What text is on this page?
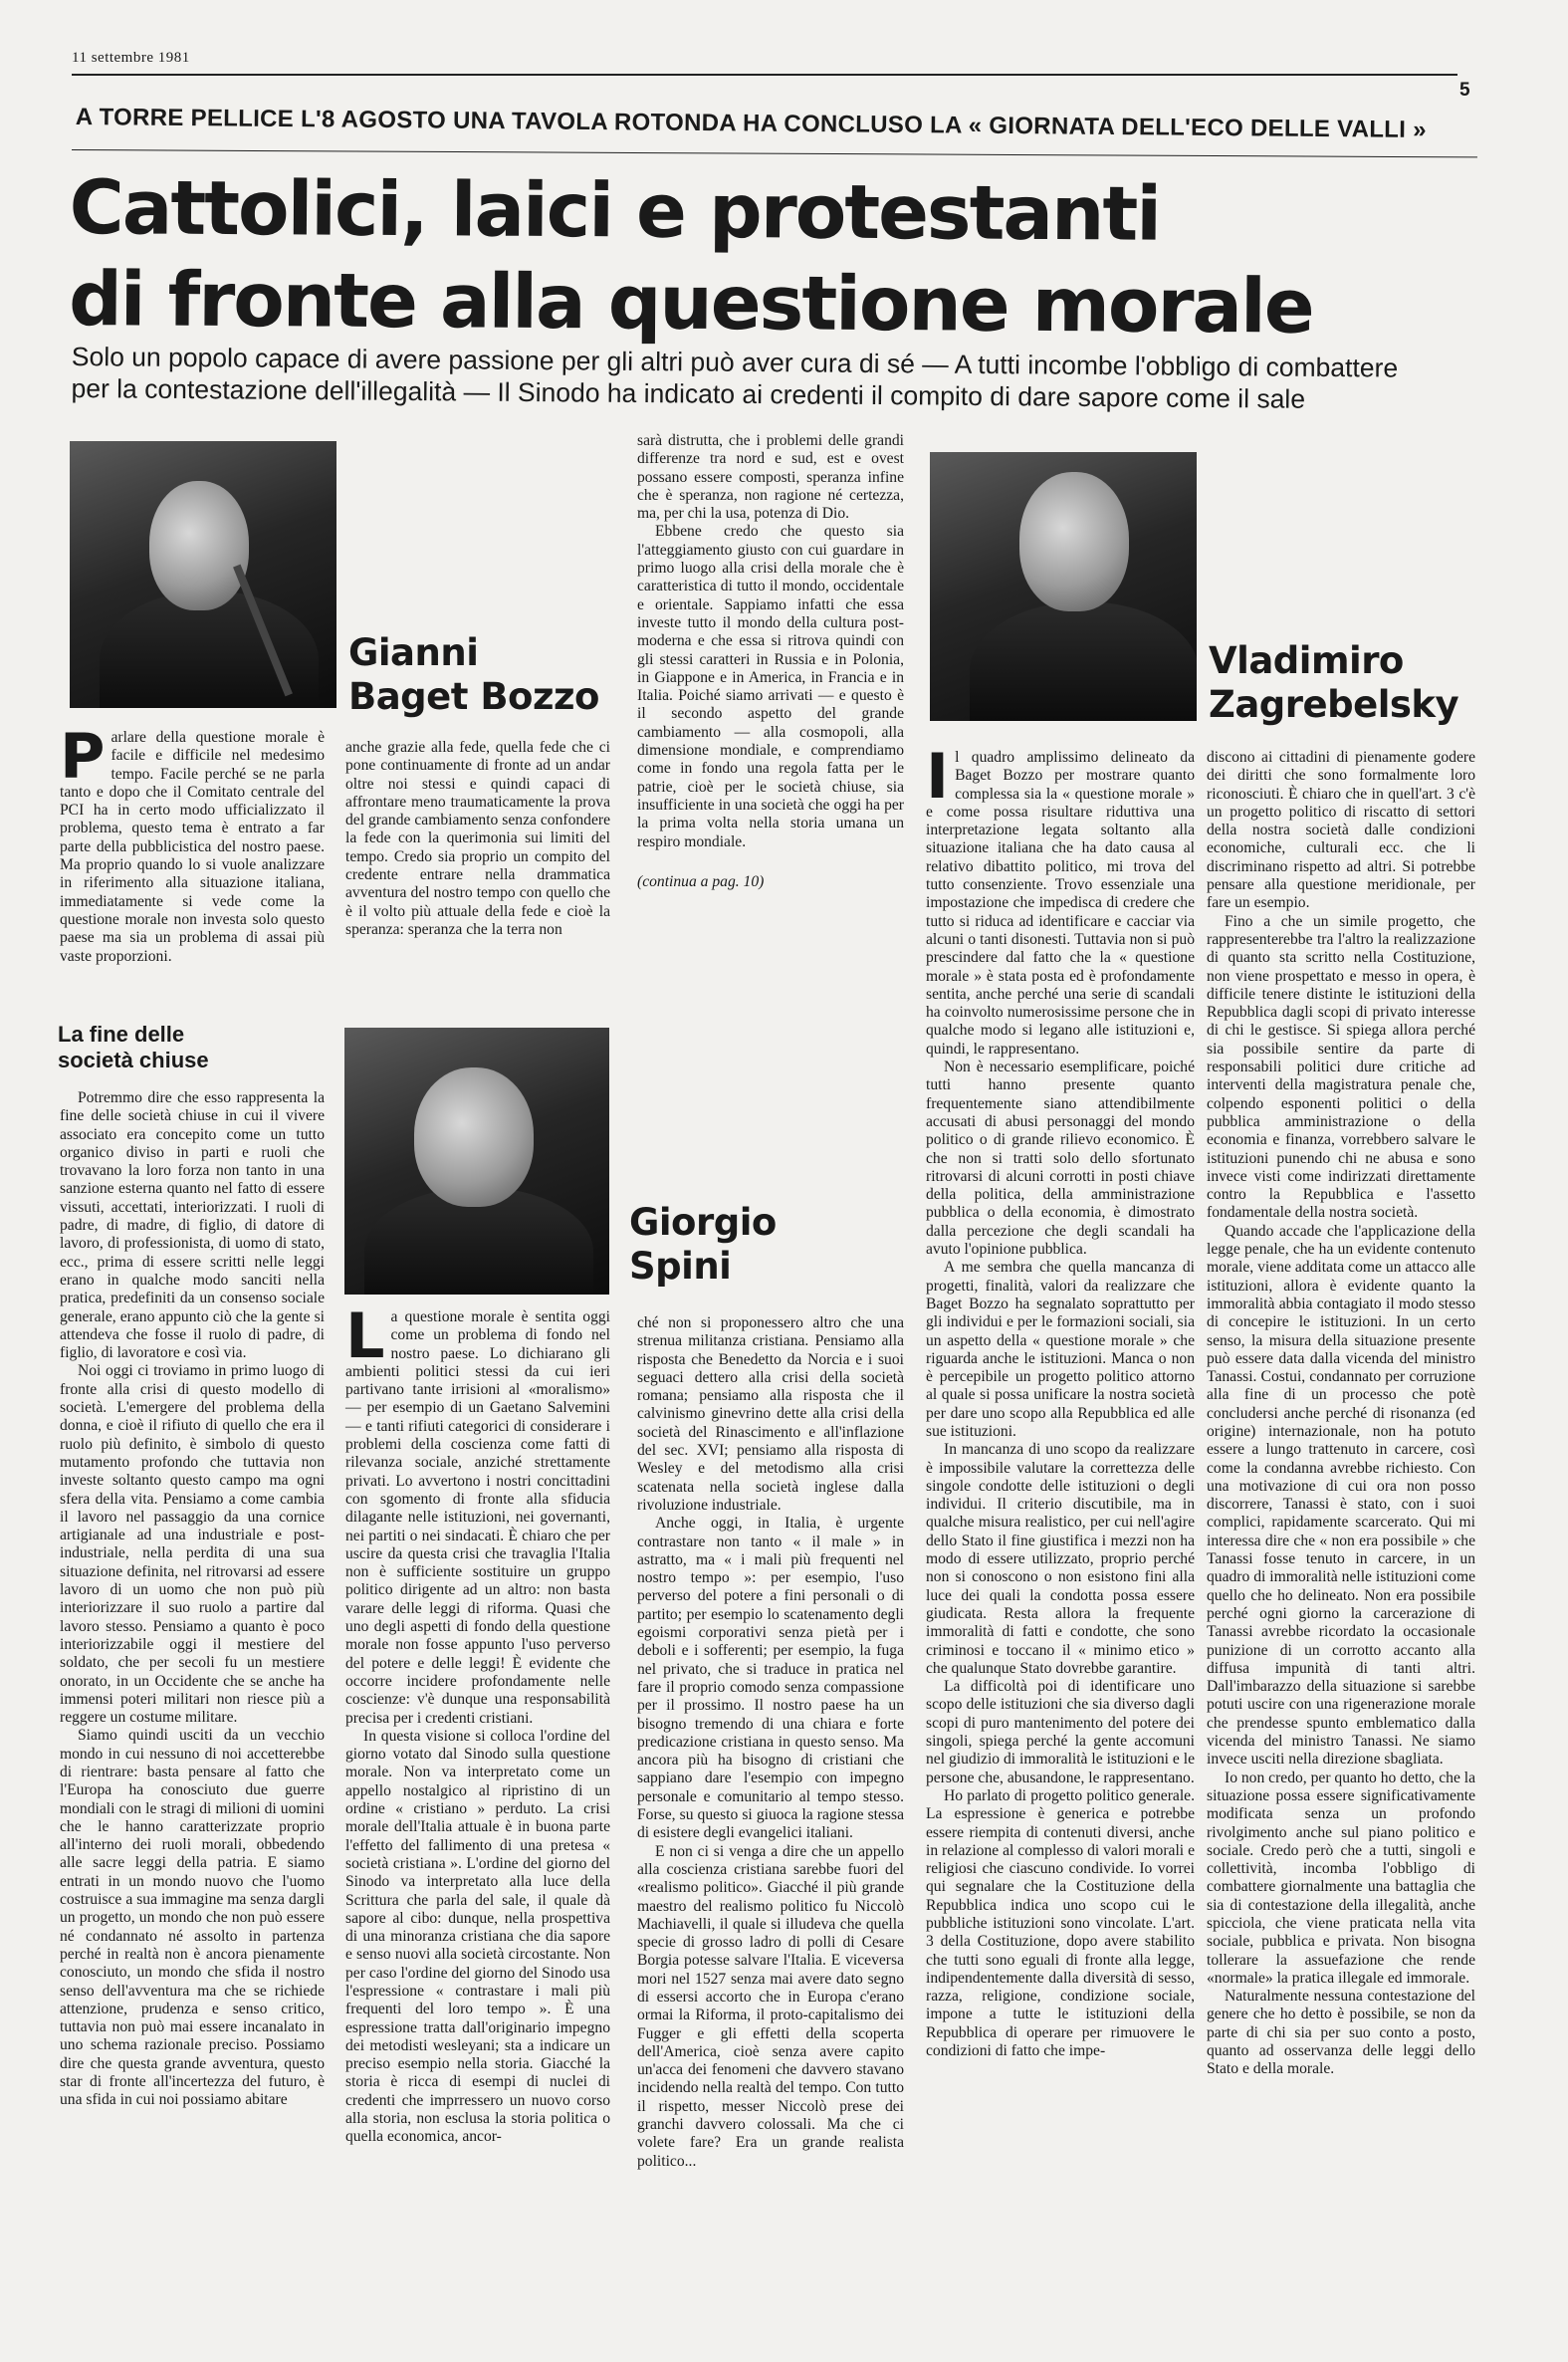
11 settembre 1981
5
A TORRE PELLICE L'8 AGOSTO UNA TAVOLA ROTONDA HA CONCLUSO LA « GIORNATA DELL'ECO DELLE VALLI »
Cattolici, laici e protestanti
di fronte alla questione morale
Solo un popolo capace di avere passione per gli altri può aver cura di sé — A tutti incombe l'obbligo di combattere
per la contestazione dell'illegalità — Il Sinodo ha indicato ai credenti il compito di dare sapore come il sale
Gianni
Baget Bozzo

Parlare della questione morale è facile e difficile nel medesimo tempo. Facile perché se ne parla tanto e dopo che il Comitato centrale del PCI ha in certo modo ufficializzato il problema, questo tema è entrato a far parte della pubblicistica del nostro paese. Ma proprio quando lo si vuole analizzare in riferimento alla situazione italiana, immediatamente si vede come la questione morale non investa solo questo paese ma sia un problema di assai più vaste proporzioni.

La fine delle
società chiuse

Potremmo dire che esso rappresenta la fine delle società chiuse in cui il vivere associato era concepito come un tutto organico diviso in parti e ruoli che trovavano la loro forza non tanto in una sanzione esterna quanto nel fatto di essere vissuti, accettati, interiorizzati. I ruoli di padre, di madre, di figlio, di datore di lavoro, di professionista, di uomo di stato, ecc., prima di essere scritti nelle leggi erano in qualche modo sanciti nella pratica, predefiniti da un consenso sociale generale, erano appunto ciò che la gente si attendeva che fosse il ruolo di padre, di figlio, di lavoratore e così via.

Noi oggi ci troviamo in primo luogo di fronte alla crisi di questo modello di società. L'emergere del problema della donna, e cioè il rifiuto di quello che era il ruolo più definito, è simbolo di questo mutamento profondo che tuttavia non investe soltanto questo campo ma ogni sfera della vita. Pensiamo a come cambia il lavoro nel passaggio da una cornice artigianale ad una industriale e post-industriale, nella perdita di una sua situazione definita, nel ritrovarsi ad essere lavoro di un uomo che non può più interiorizzare il suo ruolo a partire dal lavoro stesso. Pensiamo a quanto è poco interiorizzabile oggi il mestiere del soldato, che per secoli fu un mestiere onorato, in un Occidente che se anche ha immensi poteri militari non riesce più a reggere un costume militare.

Siamo quindi usciti da un vecchio mondo in cui nessuno di noi accetterebbe di rientrare: basta pensare al fatto che l'Europa ha conosciuto due guerre mondiali con le stragi di milioni di uomini che le hanno caratterizzate proprio all'interno dei ruoli morali, obbedendo alle sacre leggi della patria. E siamo entrati in un mondo nuovo che l'uomo costruisce a sua immagine ma senza dargli un progetto, un mondo che non può essere né condannato né assolto in partenza perché in realtà non è ancora pienamente conosciuto, un mondo che sfida il nostro senso dell'avventura ma che se richiede attenzione, prudenza e senso critico, tuttavia non può mai essere incanalato in uno schema razionale preciso. Possiamo dire che questa grande avventura, questo star di fronte all'incertezza del futuro, è una sfida in cui noi possiamo abitare

anche grazie alla fede, quella fede che ci pone continuamente di fronte ad un andar oltre noi stessi e quindi capaci di affrontare meno traumaticamente la prova del grande cambiamento senza confondere la fede con la querimonia sui limiti del tempo. Credo sia proprio un compito del credente entrare nella drammatica avventura del nostro tempo con quello che è il volto più attuale della fede e cioè la speranza: speranza che la terra non

sarà distrutta, che i problemi delle grandi differenze tra nord e sud, est e ovest possano essere composti, speranza infine che è speranza, non ragione né certezza, ma, per chi la usa, potenza di Dio.

Ebbene credo che questo sia l'atteggiamento giusto con cui guardare in primo luogo alla crisi della morale che è caratteristica di tutto il mondo, occidentale e orientale. Sappiamo infatti che essa investe tutto il mondo della cultura post-moderna e che essa si ritrova quindi con gli stessi caratteri in Russia e in Polonia, in Giappone e in America, in Francia e in Italia. Poiché siamo arrivati — e questo è il secondo aspetto del grande cambiamento — alla cosmopoli, alla dimensione mondiale, e comprendiamo come in fondo una regola fatta per le patrie, cioè per le società chiuse, sia insufficiente in una società che oggi ha per la prima volta nella storia umana un respiro mondiale.

(continua a pag. 10)
Giorgio
Spini

La questione morale è sentita oggi come un problema di fondo nel nostro paese. Lo dichiarano gli ambienti politici stessi da cui ieri partivano tante irrisioni al «moralismo» — per esempio di un Gaetano Salvemini — e tanti rifiuti categorici di considerare i problemi della coscienza come fatti di rilevanza sociale, anziché strettamente privati. Lo avvertono i nostri concittadini con sgomento di fronte alla sfiducia dilagante nelle istituzioni, nei governanti, nei partiti o nei sindacati. È chiaro che per uscire da questa crisi che travaglia l'Italia non è sufficiente sostituire un gruppo politico dirigente ad un altro: non basta varare delle leggi di riforma. Quasi che uno degli aspetti di fondo della questione morale non fosse appunto l'uso perverso del potere e delle leggi! È evidente che occorre incidere profondamente nelle coscienze: v'è dunque una responsabilità precisa per i credenti cristiani.

In questa visione si colloca l'ordine del giorno votato dal Sinodo sulla questione morale. Non va interpretato come un appello nostalgico al ripristino di un ordine « cristiano » perduto. La crisi morale dell'Italia attuale è in buona parte l'effetto del fallimento di una pretesa « società cristiana ». L'ordine del giorno del Sinodo va interpretato alla luce della Scrittura che parla del sale, il quale dà sapore al cibo: dunque, nella prospettiva di una minoranza cristiana che dia sapore e senso nuovi alla società circostante. Non per caso l'ordine del giorno del Sinodo usa l'espressione « contrastare i mali più frequenti del loro tempo ». È una espressione tratta dall'originario impegno dei metodisti wesleyani; sta a indicare un preciso esempio nella storia. Giacché la storia è ricca di esempi di nuclei di credenti che imprressero un nuovo corso alla storia, non esclusa la storia politica o quella economica, ancor-

ché non si proponessero altro che una strenua militanza cristiana. Pensiamo alla risposta che Benedetto da Norcia e i suoi seguaci dettero alla crisi della società romana; pensiamo alla risposta che il calvinismo ginevrino dette alla crisi della società del Rinascimento e all'inflazione del sec. XVI; pensiamo alla risposta di Wesley e del metodismo alla crisi scatenata nella società inglese dalla rivoluzione industriale.

Anche oggi, in Italia, è urgente contrastare non tanto « il male » in astratto, ma « i mali più frequenti nel nostro tempo »: per esempio, l'uso perverso del potere a fini personali o di partito; per esempio lo scatenamento degli egoismi corporativi senza pietà per i deboli e i sofferenti; per esempio, la fuga nel privato, che si traduce in pratica nel fare il proprio comodo senza compassione per il prossimo. Il nostro paese ha un bisogno tremendo di una chiara e forte predicazione cristiana in questo senso. Ma ancora più ha bisogno di cristiani che sappiano dare l'esempio con impegno personale e comunitario al tempo stesso. Forse, su questo si giuoca la ragione stessa di esistere degli evangelici italiani.

E non ci si venga a dire che un appello alla coscienza cristiana sarebbe fuori del «realismo politico». Giacché il più grande maestro del realismo politico fu Niccolò Machiavelli, il quale si illudeva che quella specie di grosso ladro di polli di Cesare Borgia potesse salvare l'Italia. E viceversa mori nel 1527 senza mai avere dato segno di essersi accorto che in Europa c'erano ormai la Riforma, il proto-capitalismo dei Fugger e gli effetti della scoperta dell'America, cioè senza avere capito un'acca dei fenomeni che davvero stavano incidendo nella realtà del tempo. Con tutto il rispetto, messer Niccolò prese dei granchi davvero colossali. Ma che ci volete fare? Era un grande realista politico...

Vladimiro
Zagrebelsky

Il quadro amplissimo delineato da Baget Bozzo per mostrare quanto complessa sia la « questione morale » e come possa risultare riduttiva una interpretazione legata soltanto alla situazione italiana che ha dato causa al relativo dibattito politico, mi trova del tutto consenziente. Trovo essenziale una impostazione che impedisca di credere che tutto si riduca ad identificare e cacciar via alcuni o tanti disonesti. Tuttavia non si può prescindere dal fatto che la « questione morale » è stata posta ed è profondamente sentita, anche perché una serie di scandali ha coinvolto numerosissime persone che in qualche modo si legano alle istituzioni e, quindi, le rappresentano.

Non è necessario esemplificare, poiché tutti hanno presente quanto frequentemente siano attendibilmente accusati di abusi personaggi del mondo politico o di grande rilievo economico. È che non si tratti solo dello sfortunato ritrovarsi di alcuni corrotti in posti chiave della politica, della amministrazione pubblica o della economia, è dimostrato dalla percezione che degli scandali ha avuto l'opinione pubblica.

A me sembra che quella mancanza di progetti, finalità, valori da realizzare che Baget Bozzo ha segnalato soprattutto per gli individui e per le formazioni sociali, sia un aspetto della « questione morale » che riguarda anche le istituzioni. Manca o non è percepibile un progetto politico attorno al quale si possa unificare la nostra società per dare uno scopo alla Repubblica ed alle sue istituzioni.

In mancanza di uno scopo da realizzare è impossibile valutare la correttezza delle singole condotte delle istituzioni o degli individui. Il criterio discutibile, ma in qualche misura realistico, per cui nell'agire dello Stato il fine giustifica i mezzi non ha modo di essere utilizzato, proprio perché non si conoscono o non esistono fini alla luce dei quali la condotta possa essere giudicata. Resta allora la frequente immoralità di fatti e condotte, che sono criminosi e toccano il « minimo etico » che qualunque Stato dovrebbe garantire.

La difficoltà poi di identificare uno scopo delle istituzioni che sia diverso dagli scopi di puro mantenimento del potere dei singoli, spiega perché la gente accomuni nel giudizio di immoralità le istituzioni e le persone che, abusandone, le rappresentano.

Ho parlato di progetto politico generale. La espressione è generica e potrebbe essere riempita di contenuti diversi, anche in relazione al complesso di valori morali e religiosi che ciascuno condivide. Io vorrei qui segnalare che la Costituzione della Repubblica indica uno scopo cui le pubbliche istituzioni sono vincolate. L'art. 3 della Costituzione, dopo avere stabilito che tutti sono eguali di fronte alla legge, indipendentemente dalla diversità di sesso, razza, religione, condizione sociale, impone a tutte le istituzioni della Repubblica di operare per rimuovere le condizioni di fatto che impe-

discono ai cittadini di pienamente godere dei diritti che sono formalmente loro riconosciuti. È chiaro che in quell'art. 3 c'è un progetto politico di riscatto di settori della nostra società dalle condizioni economiche, culturali ecc. che li discriminano rispetto ad altri. Si potrebbe pensare alla questione meridionale, per fare un esempio.

Fino a che un simile progetto, che rappresenterebbe tra l'altro la realizzazione di quanto sta scritto nella Costituzione, non viene prospettato e messo in opera, è difficile tenere distinte le istituzioni della Repubblica dagli scopi di privato interesse di chi le gestisce. Si spiega allora perché sia possibile sentire da parte di responsabili politici dure critiche ad interventi della magistratura penale che, colpendo esponenti politici o della pubblica amministrazione o della economia e finanza, vorrebbero salvare le istituzioni punendo chi ne abusa e sono invece visti come indirizzati direttamente contro la Repubblica e l'assetto fondamentale della nostra società.

Quando accade che l'applicazione della legge penale, che ha un evidente contenuto morale, viene additata come un attacco alle istituzioni, allora è evidente quanto la immoralità abbia contagiato il modo stesso di concepire le istituzioni. In un certo senso, la misura della situazione presente può essere data dalla vicenda del ministro Tanassi. Costui, condannato per corruzione alla fine di un processo che potè concludersi anche perché di risonanza (ed origine) internazionale, non ha potuto essere a lungo trattenuto in carcere, così come la condanna avrebbe richiesto. Con una motivazione di cui ora non posso discorrere, Tanassi è stato, con i suoi complici, rapidamente scarcerato. Qui mi interessa dire che « non era possibile » che Tanassi fosse tenuto in carcere, in un quadro di immoralità nelle istituzioni come quello che ho delineato. Non era possibile perché ogni giorno la carcerazione di Tanassi avrebbe ricordato la occasionale punizione di un corrotto accanto alla diffusa impunità di tanti altri. Dall'imbarazzo della situazione si sarebbe potuti uscire con una rigenerazione morale che prendesse spunto emblematico dalla vicenda del ministro Tanassi. Ne siamo invece usciti nella direzione sbagliata.

Io non credo, per quanto ho detto, che la situazione possa essere significativamente modificata senza un profondo rivolgimento anche sul piano politico e sociale. Credo però che a tutti, singoli e collettività, incomba l'obbligo di combattere giornalmente una battaglia che sia di contestazione della illegalità, anche spicciola, che viene praticata nella vita sociale, pubblica e privata. Non bisogna tollerare la assuefazione che rende «normale» la pratica illegale ed immorale.

Naturalmente nessuna contestazione del genere che ho detto è possibile, se non da parte di chi sia per suo conto a posto, quanto ad osservanza delle leggi dello Stato e della morale.
